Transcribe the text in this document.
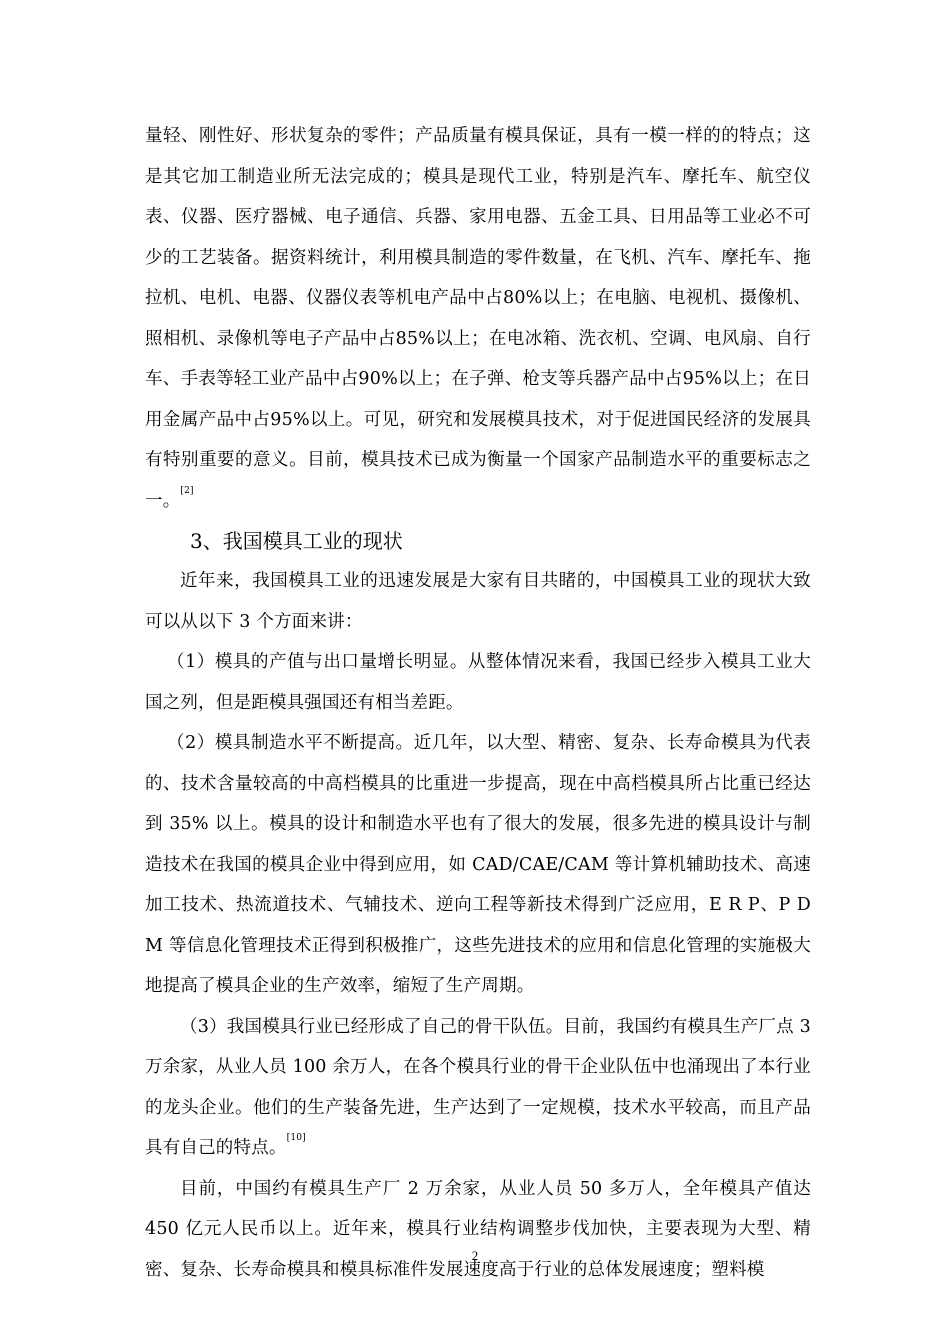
量轻、刚性好、形状复杂的零件；产品质量有模具保证，具有一模一样的的特点；这是其它加工制造业所无法完成的；模具是现代工业，特别是汽车、摩托车、航空仪表、仪器、医疗器械、电子通信、兵器、家用电器、五金工具、日用品等工业必不可少的工艺装备。据资料统计，利用模具制造的零件数量，在飞机、汽车、摩托车、拖拉机、电机、电器、仪器仪表等机电产品中占80%以上；在电脑、电视机、摄像机、照相机、录像机等电子产品中占85%以上；在电冰箱、洗衣机、空调、电风扇、自行车、手表等轻工业产品中占90%以上；在子弹、枪支等兵器产品中占95%以上；在日用金属产品中占95%以上。可见，研究和发展模具技术，对于促进国民经济的发展具有特别重要的意义。目前，模具技术已成为衡量一个国家产品制造水平的重要标志之一。[2]

3、我国模具工业的现状

近年来，我国模具工业的迅速发展是大家有目共睹的，中国模具工业的现状大致可以从以下 3 个方面来讲：

（1）模具的产值与出口量增长明显。从整体情况来看，我国已经步入模具工业大国之列，但是距模具强国还有相当差距。

（2）模具制造水平不断提高。近几年，以大型、精密、复杂、长寿命模具为代表的、技术含量较高的中高档模具的比重进一步提高，现在中高档模具所占比重已经达到 35% 以上。模具的设计和制造水平也有了很大的发展，很多先进的模具设计与制造技术在我国的模具企业中得到应用，如 CAD/CAE/CAM 等计算机辅助技术、高速加工技术、热流道技术、气辅技术、逆向工程等新技术得到广泛应用，E R P、P D M 等信息化管理技术正得到积极推广，这些先进技术的应用和信息化管理的实施极大地提高了模具企业的生产效率，缩短了生产周期。

（3）我国模具行业已经形成了自己的骨干队伍。目前，我国约有模具生产厂点 3 万余家，从业人员 100 余万人，在各个模具行业的骨干企业队伍中也涌现出了本行业的龙头企业。他们的生产装备先进，生产达到了一定规模，技术水平较高，而且产品具有自己的特点。[10]

目前，中国约有模具生产厂 2 万余家，从业人员 50 多万人，全年模具产值达 450 亿元人民币以上。近年来，模具行业结构调整步伐加快，主要表现为大型、精密、复杂、长寿命模具和模具标准件发展速度高于行业的总体发展速度；塑料模

2
